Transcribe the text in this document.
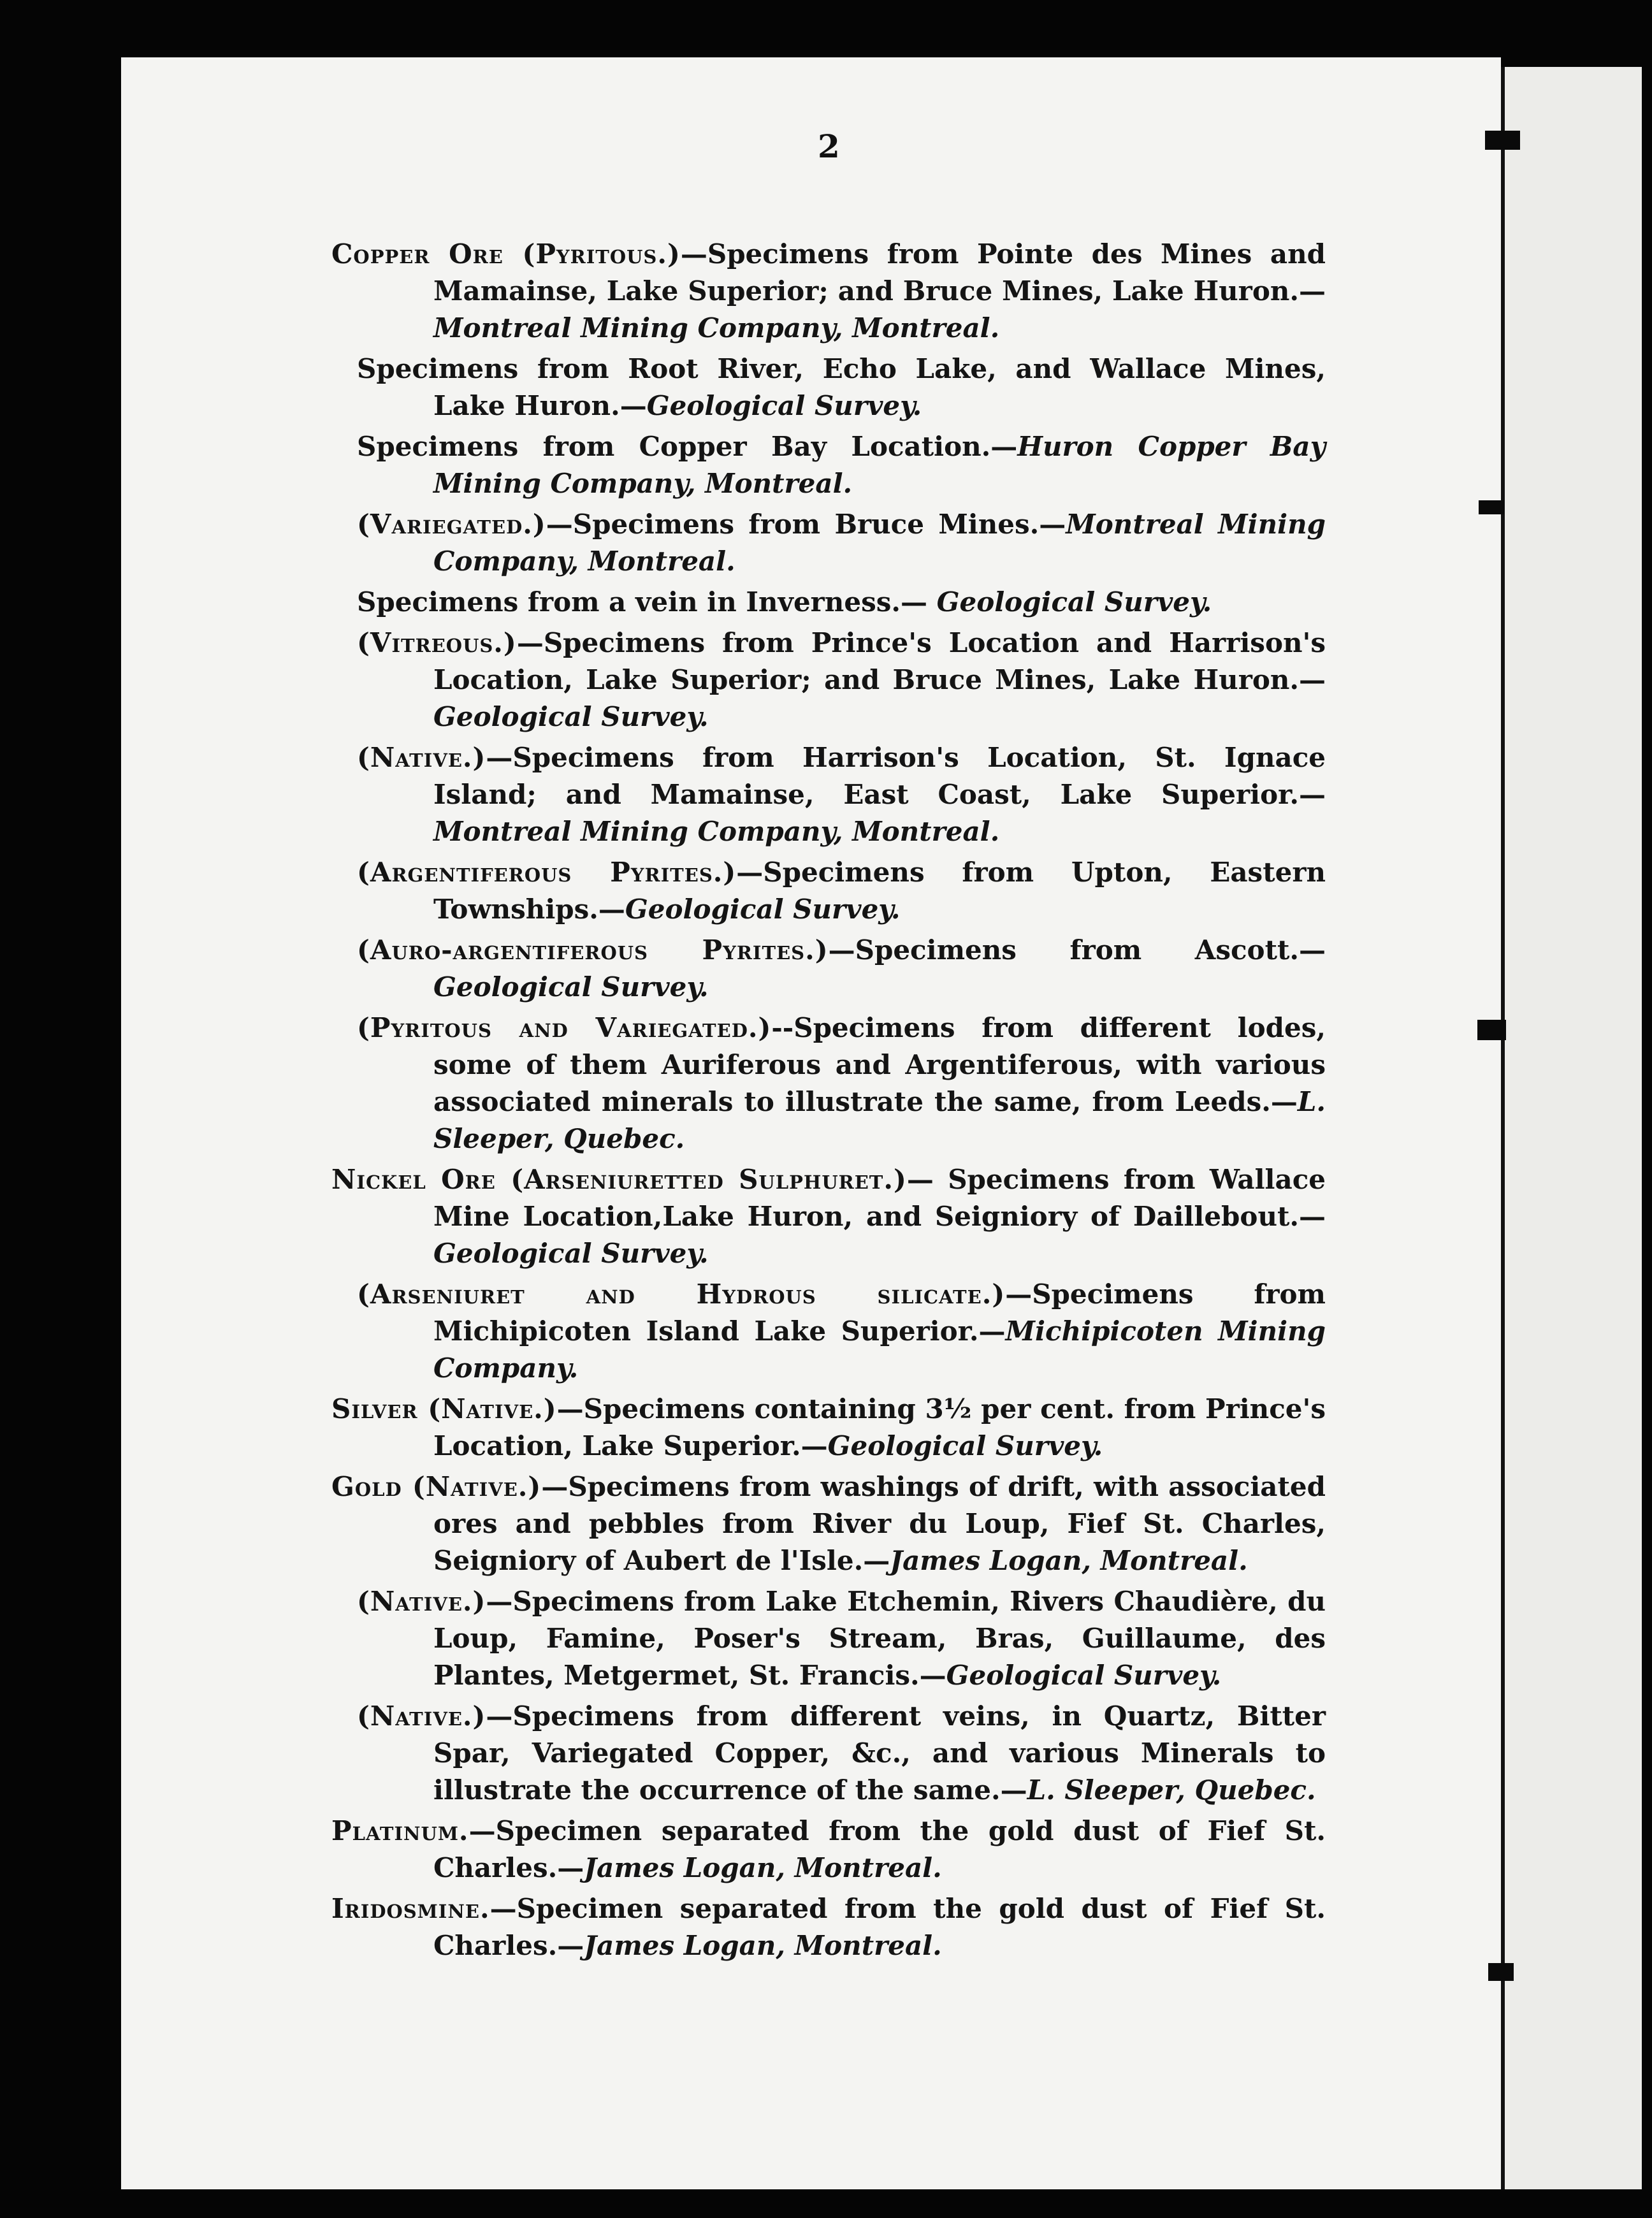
2
Copper Ore (Pyritous.)—Specimens from Pointe des Mines and Mamainse, Lake Superior; and Bruce Mines, Lake Huron.—Montreal Mining Company, Montreal.
Specimens from Root River, Echo Lake, and Wallace Mines, Lake Huron.—Geological Survey.
Specimens from Copper Bay Location.—Huron Copper Bay Mining Company, Montreal.
(Variegated.)—Specimens from Bruce Mines.—Montreal Mining Company, Montreal.
Specimens from a vein in Inverness.— Geological Survey.
(Vitreous.)—Specimens from Prince's Location and Harrison's Location, Lake Superior; and Bruce Mines, Lake Huron.—Geological Survey.
(Native.)—Specimens from Harrison's Location, St. Ignace Island; and Mamainse, East Coast, Lake Superior.—Montreal Mining Company, Montreal.
(Argentiferous Pyrites.)—Specimens from Upton, Eastern Townships.—Geological Survey.
(Auro-argentiferous Pyrites.)—Specimens from Ascott.—Geological Survey.
(Pyritous and Variegated.)--Specimens from different lodes, some of them Auriferous and Argentiferous, with various associated minerals to illustrate the same, from Leeds.—L. Sleeper, Quebec.
Nickel Ore (Arseniuretted Sulphuret.)— Specimens from Wallace Mine Location,Lake Huron, and Seigniory of Daillebout.—Geological Survey.
(Arseniuret and Hydrous silicate.)—Specimens from Michipicoten Island Lake Superior.—Michipicoten Mining Company.
Silver (Native.)—Specimens containing 3½ per cent. from Prince's Location, Lake Superior.—Geological Survey.
Gold (Native.)—Specimens from washings of drift, with associated ores and pebbles from River du Loup, Fief St. Charles, Seigniory of Aubert de l'Isle.—James Logan, Montreal.
(Native.)—Specimens from Lake Etchemin, Rivers Chaudière, du Loup, Famine, Poser's Stream, Bras, Guillaume, des Plantes, Metgermet, St. Francis.—Geological Survey.
(Native.)—Specimens from different veins, in Quartz, Bitter Spar, Variegated Copper, &c., and various Minerals to illustrate the occurrence of the same.—L. Sleeper, Quebec.
Platinum.—Specimen separated from the gold dust of Fief St. Charles.—James Logan, Montreal.
Iridosmine.—Specimen separated from the gold dust of Fief St. Charles.—James Logan, Montreal.
